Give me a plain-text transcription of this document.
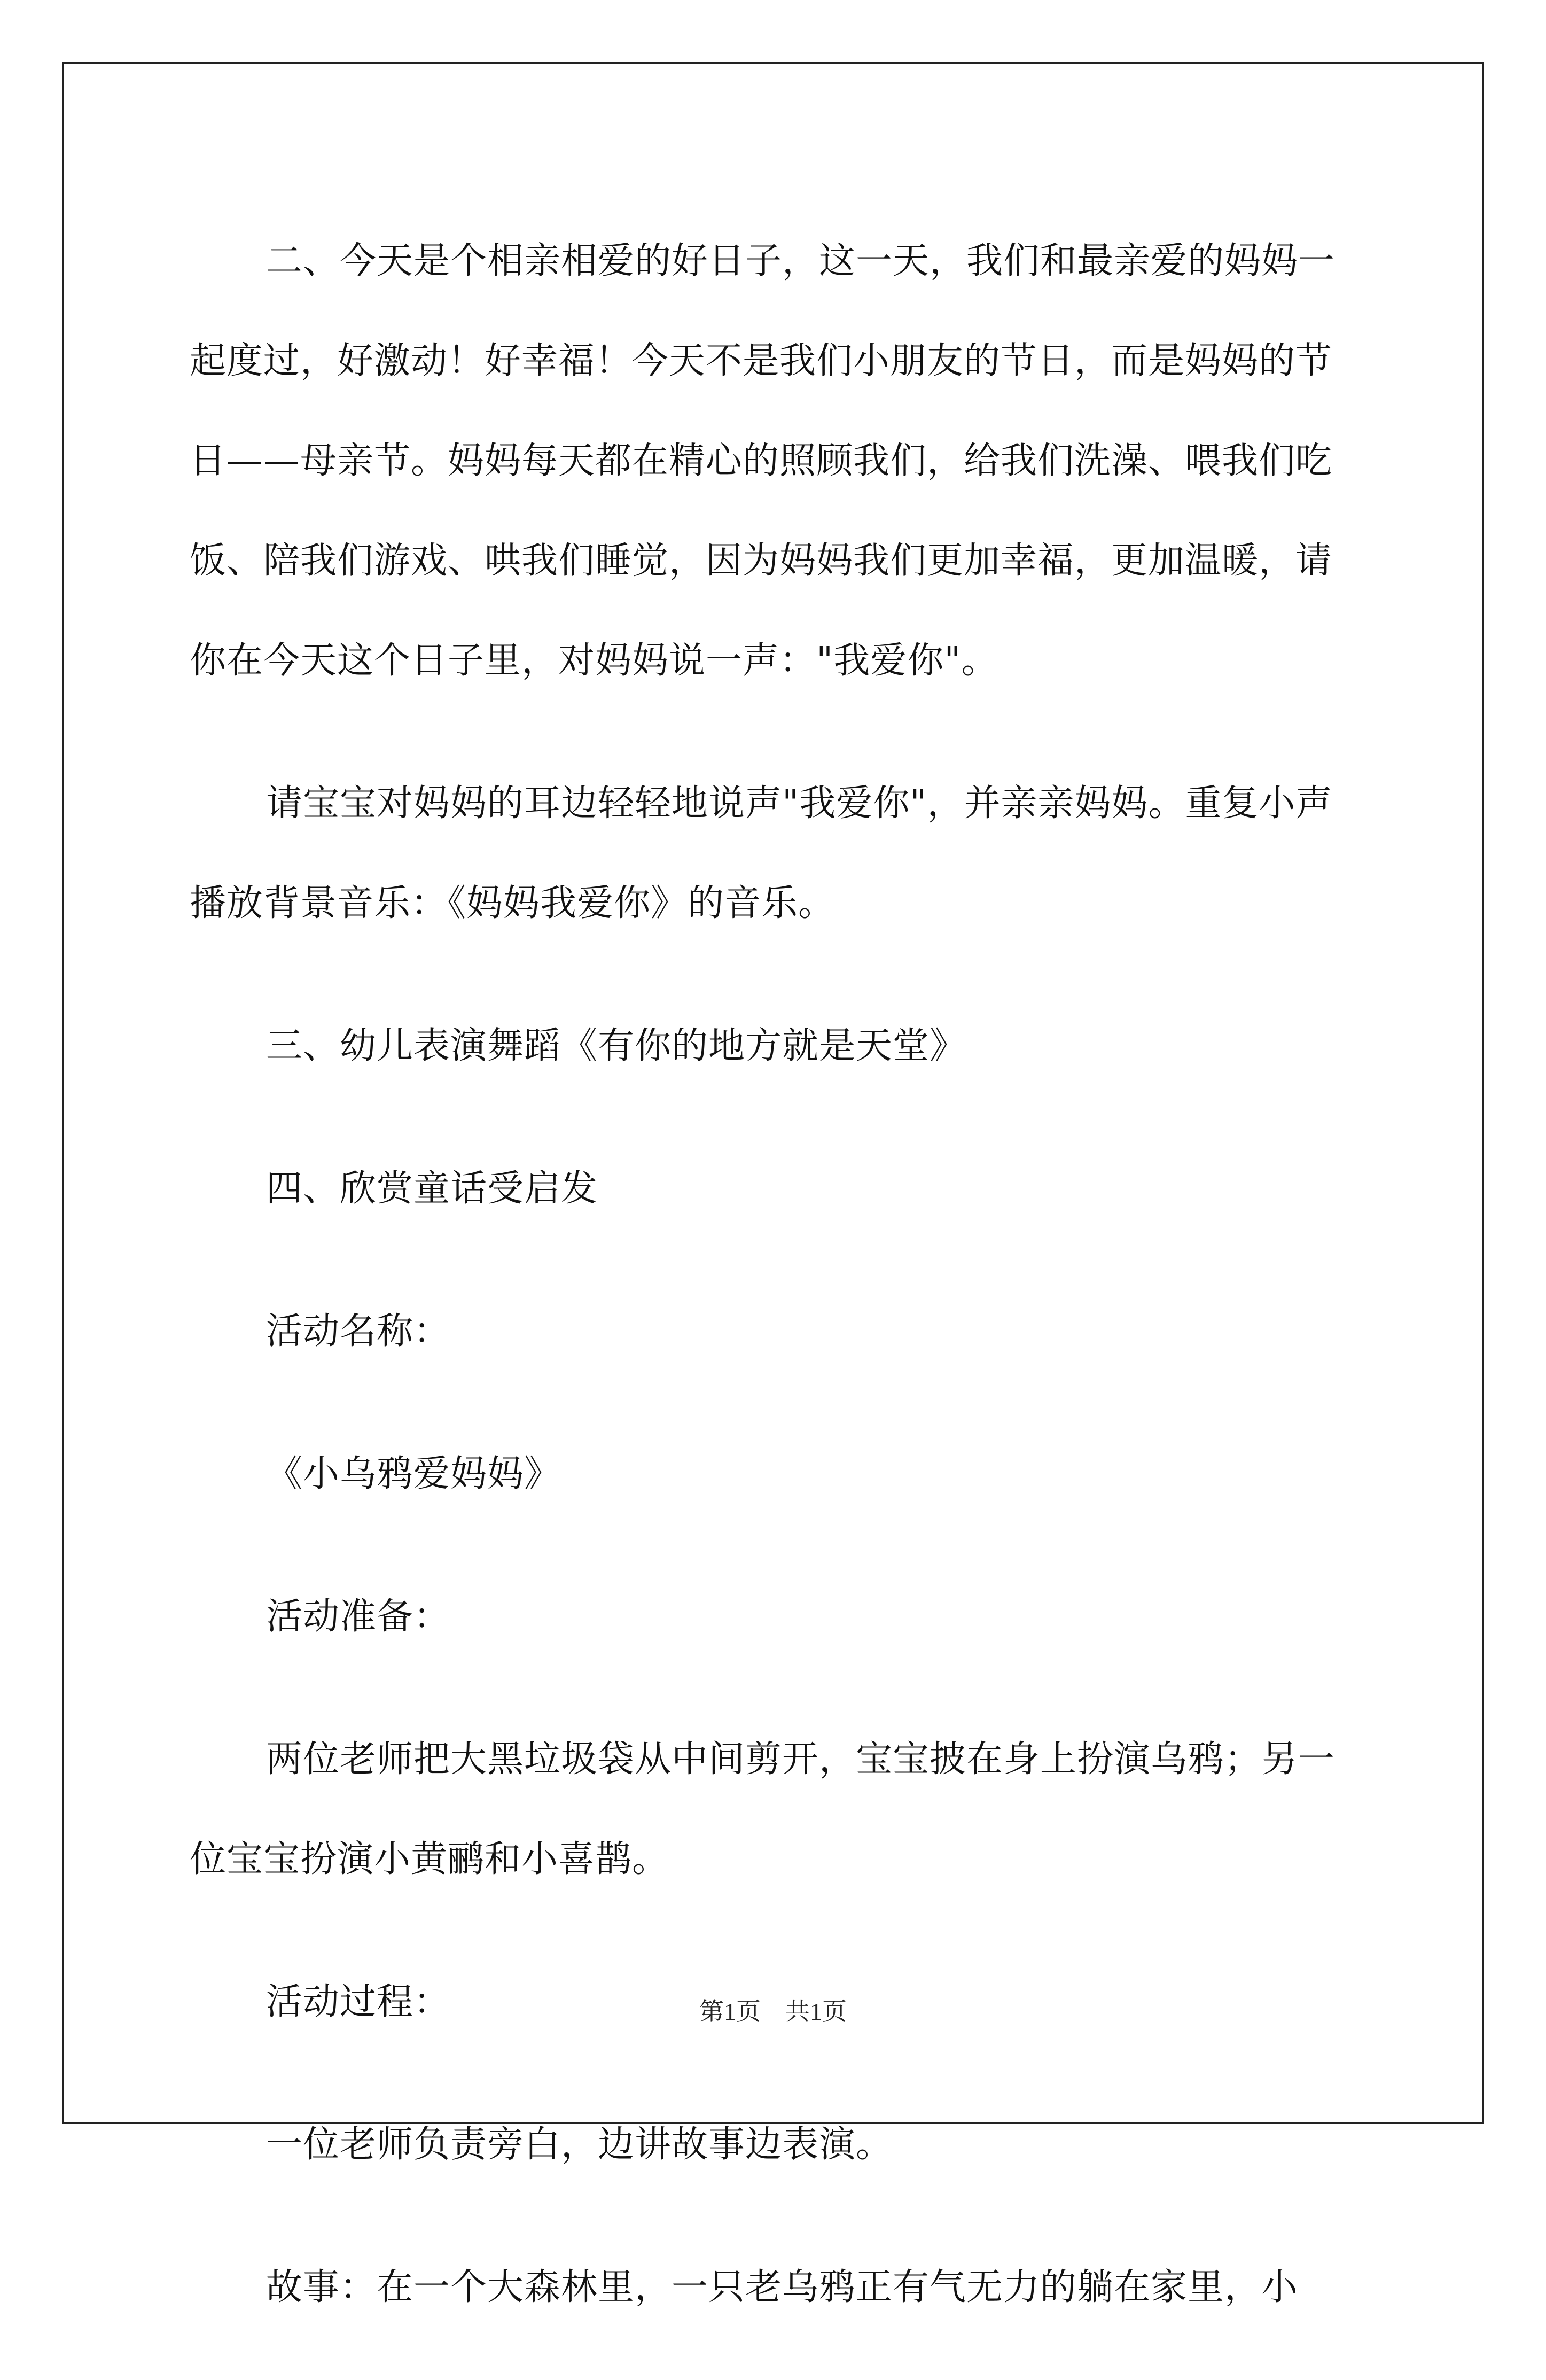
二、今天是个相亲相爱的好日子，这一天，我们和最亲爱的妈妈一起度过，好激动！好幸福！今天不是我们小朋友的节日，而是妈妈的节日——母亲节。妈妈每天都在精心的照顾我们，给我们洗澡、喂我们吃饭、陪我们游戏、哄我们睡觉，因为妈妈我们更加幸福，更加温暖，请你在今天这个日子里，对妈妈说一声："我爱你"。

请宝宝对妈妈的耳边轻轻地说声"我爱你"，并亲亲妈妈。重复小声播放背景音乐：《妈妈我爱你》的音乐。

三、幼儿表演舞蹈《有你的地方就是天堂》

四、欣赏童话受启发

活动名称：

《小乌鸦爱妈妈》

活动准备：

两位老师把大黑垃圾袋从中间剪开，宝宝披在身上扮演乌鸦；另一位宝宝扮演小黄鹂和小喜鹊。

活动过程：

一位老师负责旁白，边讲故事边表演。

故事：在一个大森林里，一只老乌鸦正有气无力的躺在家里，小

第1页　共1页
